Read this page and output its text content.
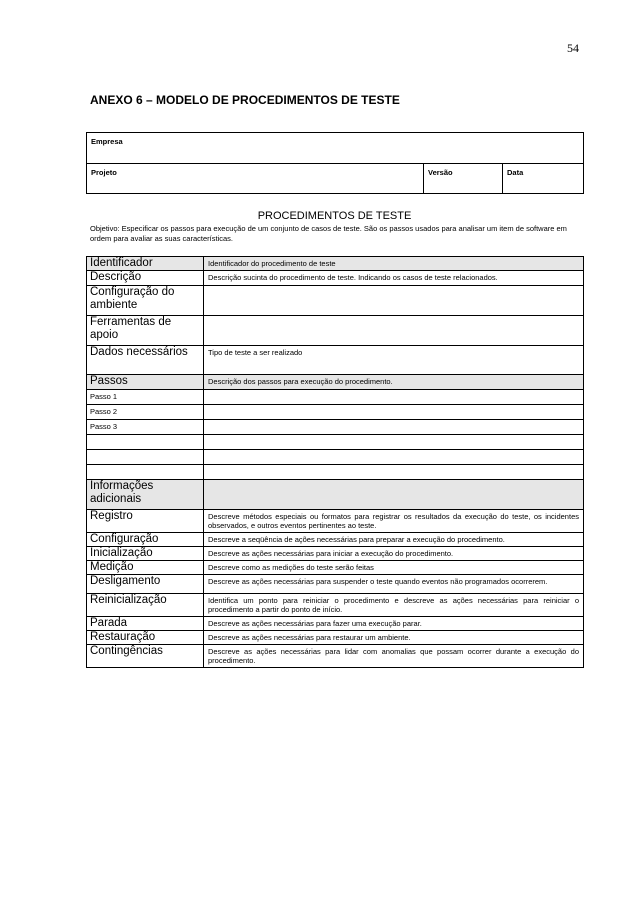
54
ANEXO 6 – MODELO DE PROCEDIMENTOS DE TESTE
Empresa
Projeto	Versão	Data
PROCEDIMENTOS DE TESTE
Objetivo: Especificar os passos para execução de um conjunto de casos de teste. São os passos usados para analisar um item de software em ordem para avaliar as suas características.
Identificador	Identificador do procedimento de teste
Descrição	Descrição sucinta do procedimento de teste. Indicando os casos de teste relacionados.
Configuração do ambiente	
Ferramentas de apoio	
Dados necessários	Tipo de teste a ser realizado
Passos	Descrição dos passos para execução do procedimento.
Passo 1	
Passo 2	
Passo 3	

Informações adicionais	
Registro	Descreve métodos especiais ou formatos para registrar os resultados da execução do teste, os incidentes observados, e outros eventos pertinentes ao teste.
Configuração	Descreve a seqüência de ações necessárias para preparar a execução do procedimento.
Inicialização	Descreve as ações necessárias para iniciar a execução do procedimento.
Medição	Descreve como as medições do teste serão feitas
Desligamento	Descreve as ações necessárias para suspender o teste quando eventos não programados ocorrerem.
Reinicialização	Identifica um ponto para reiniciar o procedimento e descreve as ações necessárias para reiniciar o procedimento a partir do ponto de início.
Parada	Descreve as ações necessárias para fazer uma execução parar.
Restauração	Descreve as ações necessárias para restaurar um ambiente.
Contingências	Descreve as ações necessárias para lidar com anomalias que possam ocorrer durante a execução do procedimento.
